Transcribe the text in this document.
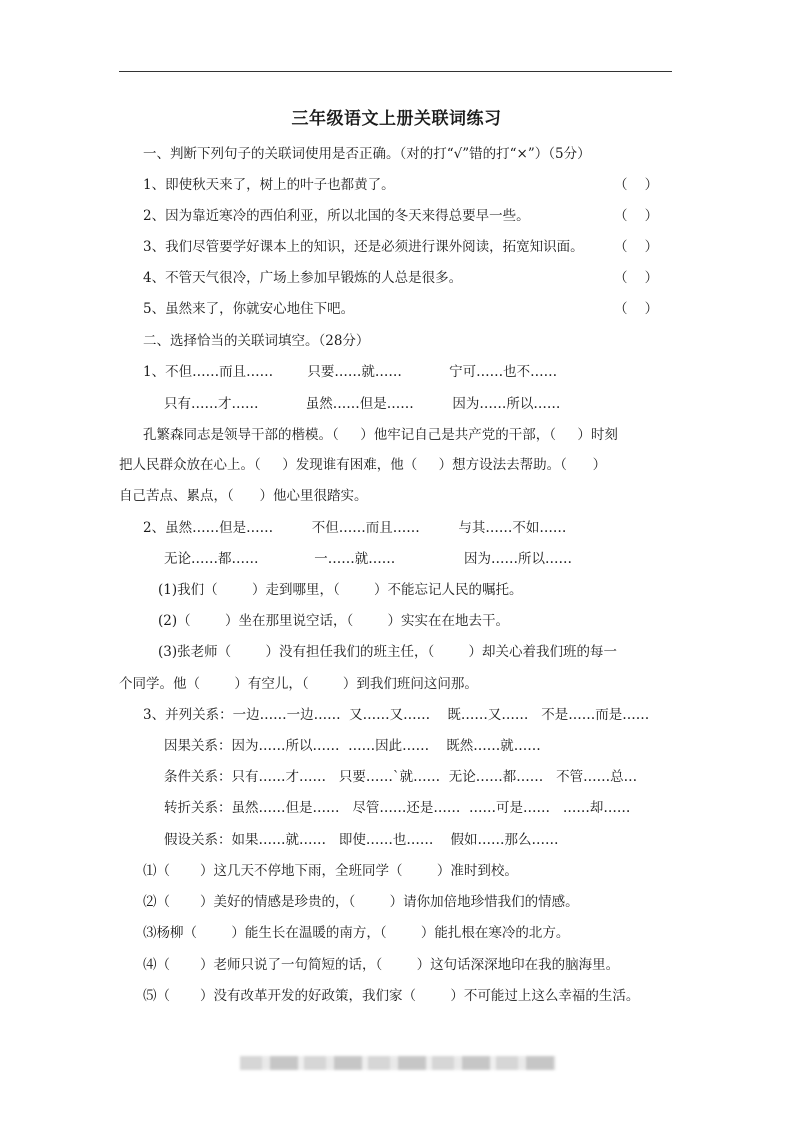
三年级语文上册关联词练习
一、判断下列句子的关联词使用是否正确。（对的打“√”错的打“×”）（5分）
1、即使秋天来了，树上的叶子也都黄了。	（    ）
2、因为靠近寒冷的西伯利亚，所以北国的冬天来得总要早一些。	（    ）
3、我们尽管要学好课本上的知识，还是必须进行课外阅读，拓宽知识面。 （    ）
4、不管天气很冷，广场上参加早锻炼的人总是很多。	（    ）
5、虽然来了，你就安心地住下吧。	（    ）
二、选择恰当的关联词填空。（28分）
1、不但……而且……        只要……就……           宁可……也不……
只有……才……           虽然……但是……         因为……所以……
孔繁森同志是领导干部的楷模。（     ）他牢记自己是共产党的干部，（     ）时刻
把人民群众放在心上。（     ）发现谁有困难，他（     ）想方设法去帮助。（      ）
自己苦点、累点，（      ）他心里很踏实。
2、虽然……但是……         不但……而且……         与其……不如……
无论……都……             一……就……                因为……所以……
(1)我们（        ）走到哪里，（        ）不能忘记人民的嘱托。
(2)（        ）坐在那里说空话，（        ）实实在在地去干。
(3)张老师（        ）没有担任我们的班主任，（        ）却关心着我们班的每一
个同学。他（        ）有空儿，（        ）到我们班问这问那。
3、并列关系：一边……一边……  又……又……    既……又……   不是……而是……
因果关系：因为……所以……  ……因此……    既然……就……
条件关系：只有……才……   只要……`就……  无论……都……   不管……总…
转折关系：虽然……但是……   尽管……还是……  ……可是……   ……却……
假设关系：如果……就……   即使……也……    假如……那么……
⑴（       ）这几天不停地下雨，全班同学（        ）准时到校。
⑵（       ）美好的情感是珍贵的，（        ）请你加倍地珍惜我们的情感。
⑶杨柳（        ）能生长在温暖的南方，（        ）能扎根在寒冷的北方。
⑷（       ）老师只说了一句简短的话，（        ）这句话深深地印在我的脑海里。
⑸（       ）没有改革开发的好政策，我们家（        ）不可能过上这么幸福的生活。
